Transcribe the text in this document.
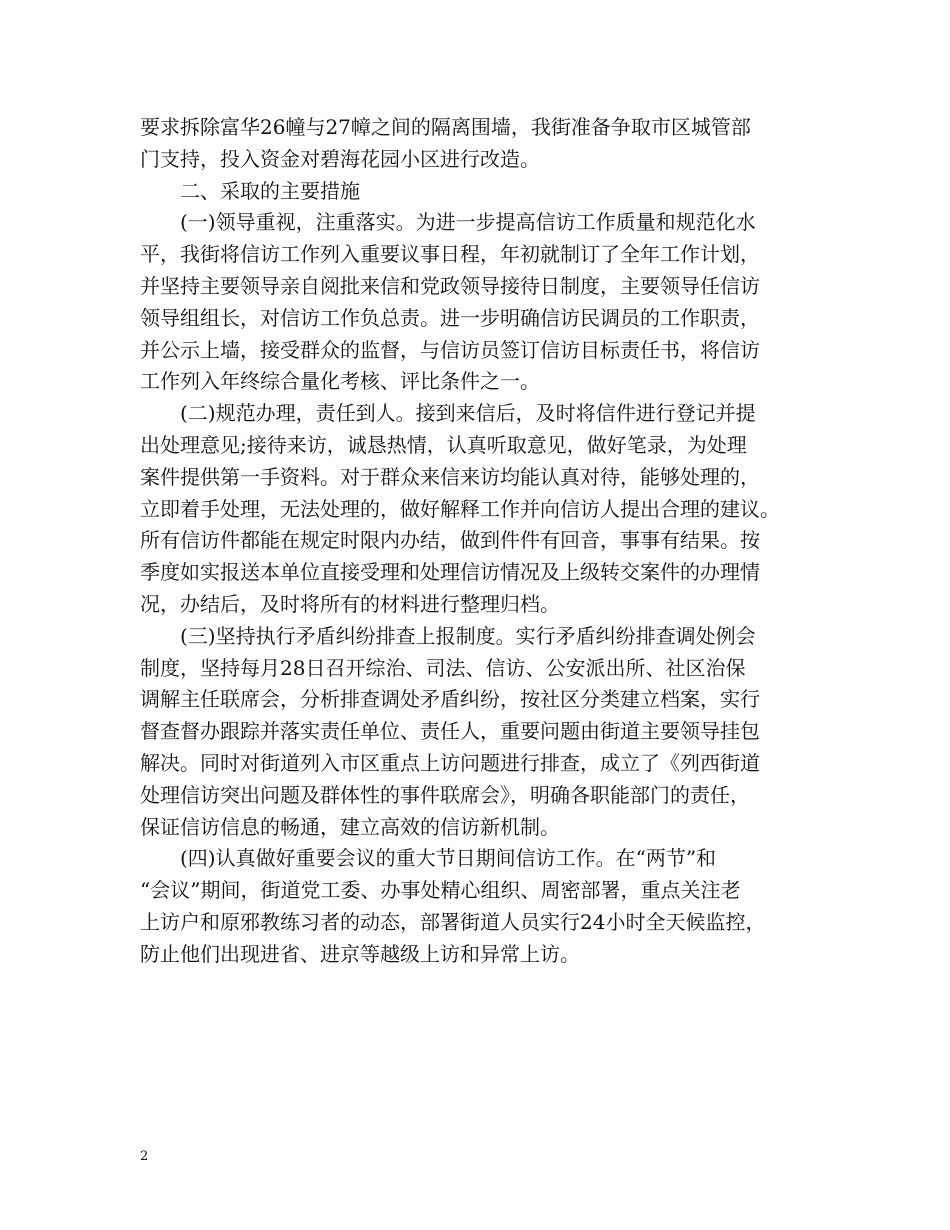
要求拆除富华26幢与27幛之间的隔离围墙，我街准备争取市区城管部
门支持，投入资金对碧海花园小区进行改造。
二、采取的主要措施
(一)领导重视，注重落实。为进一步提高信访工作质量和规范化水
平，我街将信访工作列入重要议事日程，年初就制订了全年工作计划，
并坚持主要领导亲自阅批来信和党政领导接待日制度，主要领导任信访
领导组组长，对信访工作负总责。进一步明确信访民调员的工作职责，
并公示上墙，接受群众的监督，与信访员签订信访目标责任书，将信访
工作列入年终综合量化考核、评比条件之一。
(二)规范办理，责任到人。接到来信后，及时将信件进行登记并提
出处理意见;接待来访，诚恳热情，认真听取意见，做好笔录，为处理
案件提供第一手资料。对于群众来信来访均能认真对待，能够处理的，
立即着手处理，无法处理的，做好解释工作并向信访人提出合理的建议。
所有信访件都能在规定时限内办结，做到件件有回音，事事有结果。按
季度如实报送本单位直接受理和处理信访情况及上级转交案件的办理情
况，办结后，及时将所有的材料进行整理归档。
(三)坚持执行矛盾纠纷排查上报制度。实行矛盾纠纷排查调处例会
制度，坚持每月28日召开综治、司法、信访、公安派出所、社区治保
调解主任联席会，分析排查调处矛盾纠纷，按社区分类建立档案，实行
督查督办跟踪并落实责任单位、责任人，重要问题由街道主要领导挂包
解决。同时对街道列入市区重点上访问题进行排查，成立了《列西街道
处理信访突出问题及群体性的事件联席会》，明确各职能部门的责任，
保证信访信息的畅通，建立高效的信访新机制。
(四)认真做好重要会议的重大节日期间信访工作。在“两节”和
“会议”期间，街道党工委、办事处精心组织、周密部署，重点关注老
上访户和原邪教练习者的动态，部署街道人员实行24小时全天候监控，
防止他们出现进省、进京等越级上访和异常上访。
2
